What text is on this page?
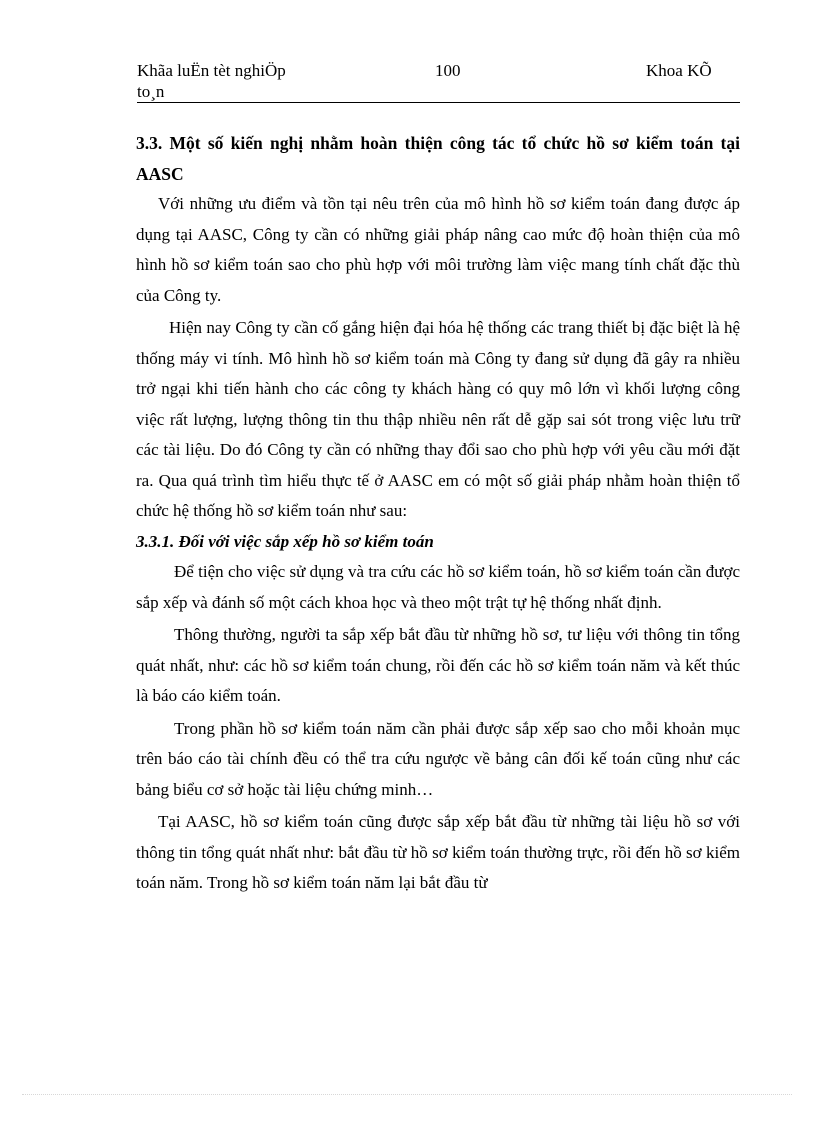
Khãa luËn tèt nghiÖp
to¸n
100	Khoa KÕ

3.3. Một số kiến nghị nhằm hoàn thiện công tác tổ chức hồ sơ kiểm toán tại AASC

Với những ưu điểm và tồn tại nêu trên của mô hình hồ sơ kiểm toán đang được áp dụng tại AASC, Công ty cần có những giải pháp nâng cao mức độ hoàn thiện của mô hình hồ sơ kiểm toán sao cho phù hợp với môi trường làm việc mang tính chất đặc thù của Công ty.

Hiện nay Công ty cần cố gắng hiện đại hóa hệ thống các trang thiết bị đặc biệt là hệ thống máy vi tính. Mô hình hồ sơ kiểm toán mà Công ty đang sử dụng đã gây ra nhiều trở ngại khi tiến hành cho các công ty khách hàng có quy mô lớn vì khối lượng công việc rất lượng, lượng thông tin thu thập nhiều nên rất dễ gặp sai sót trong việc lưu trữ các tài liệu. Do đó Công ty cần có những thay đổi sao cho phù hợp với yêu cầu mới đặt ra. Qua quá trình tìm hiểu thực tế ở AASC em có một số giải pháp nhằm hoàn thiện tổ chức hệ thống hồ sơ kiểm toán như sau:

3.3.1. Đối với việc sắp xếp hồ sơ kiểm toán

Để tiện cho việc sử dụng và tra cứu các hồ sơ kiểm toán, hồ sơ kiểm toán cần được sắp xếp và đánh số một cách khoa học và theo một trật tự hệ thống nhất định.

Thông thường, người ta sắp xếp bắt đầu từ những hồ sơ, tư liệu với thông tin tổng quát nhất, như: các hồ sơ kiểm toán chung, rồi đến các hồ sơ kiểm toán năm và kết thúc là báo cáo kiểm toán.

Trong phần hồ sơ kiểm toán năm cần phải được sắp xếp sao cho mỗi khoản mục trên báo cáo tài chính đều có thể tra cứu ngược về bảng cân đối kế toán cũng như các bảng biểu cơ sở hoặc tài liệu chứng minh…

Tại AASC, hồ sơ kiểm toán cũng được sắp xếp bắt đầu từ những tài liệu hồ sơ với thông tin tổng quát nhất như: bắt đầu từ hồ sơ kiểm toán thường trực, rồi đến hồ sơ kiểm toán năm. Trong hồ sơ kiểm toán năm lại bắt đầu từ
